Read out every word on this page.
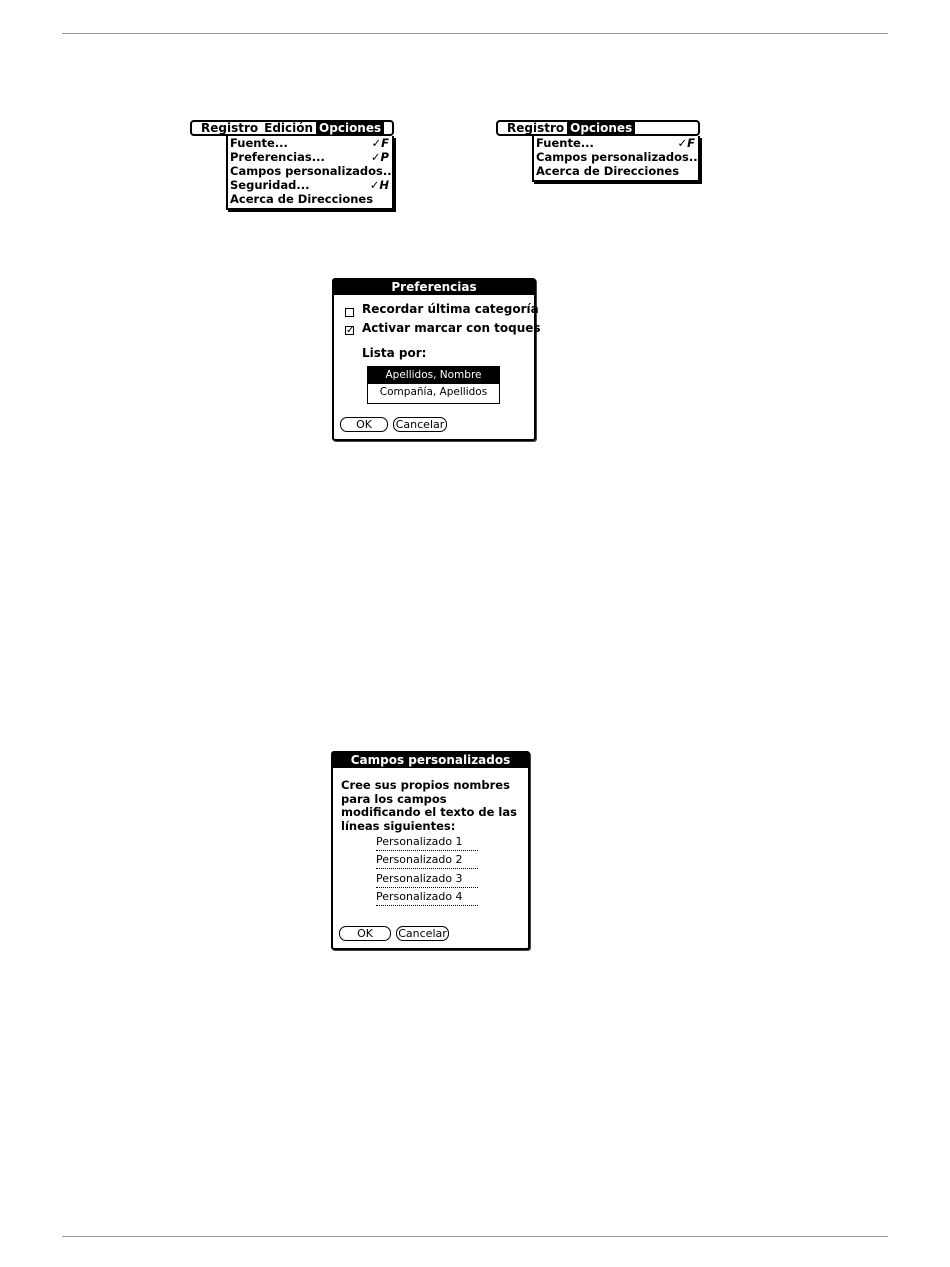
Registro Edición Opciones
Fuente...	✓F
Preferencias...	✓P
Campos personalizados...
Seguridad...	✓H
Acerca de Direcciones
Registro Opciones
Fuente...	✓F
Campos personalizados...
Acerca de Direcciones
Preferencias
Recordar última categoría
✓ Activar marcar con toques
Lista por:
Apellidos, Nombre
Compañía, Apellidos
OK	Cancelar
Campos personalizados
Cree sus propios nombres para los campos modificando el texto de las líneas siguientes:
Personalizado 1
Personalizado 2
Personalizado 3
Personalizado 4
OK	Cancelar
